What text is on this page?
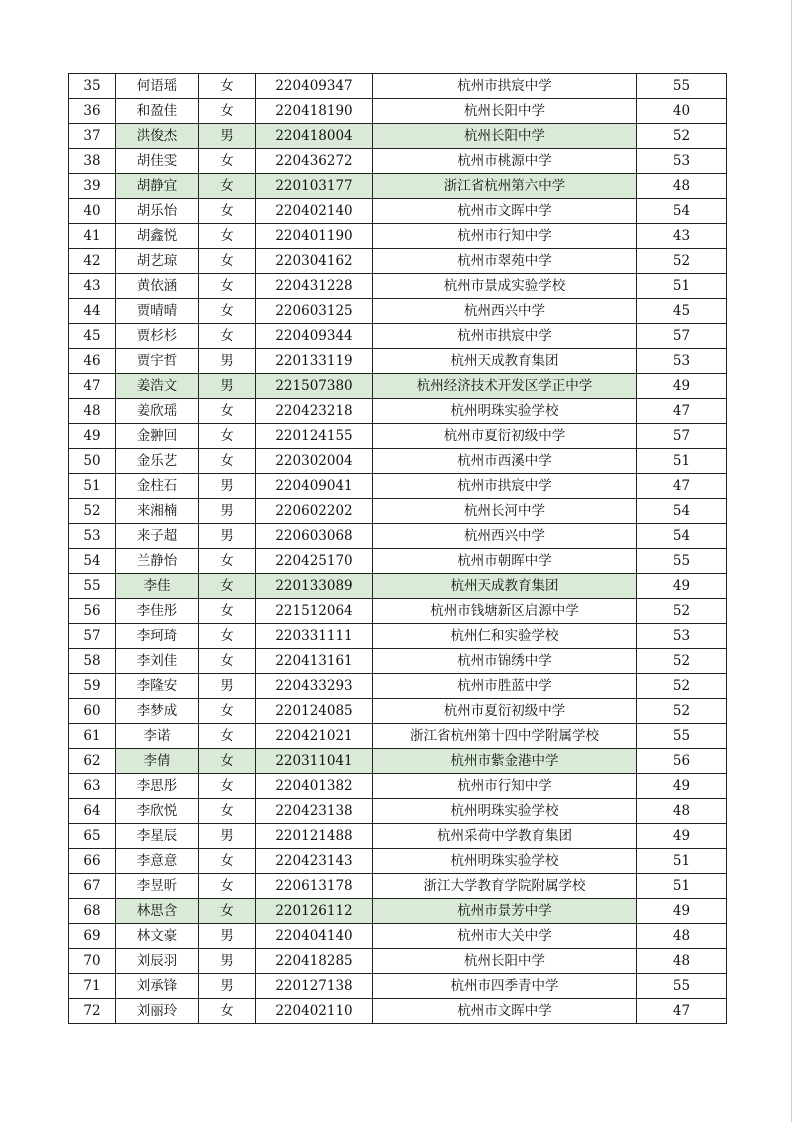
35	何语瑶	女	220409347	杭州市拱宸中学	55
36	和盈佳	女	220418190	杭州长阳中学	40
37	洪俊杰	男	220418004	杭州长阳中学	52
38	胡佳雯	女	220436272	杭州市桃源中学	53
39	胡静宜	女	220103177	浙江省杭州第六中学	48
40	胡乐怡	女	220402140	杭州市文晖中学	54
41	胡鑫悦	女	220401190	杭州市行知中学	43
42	胡艺琼	女	220304162	杭州市翠苑中学	52
43	黄依涵	女	220431228	杭州市景成实验学校	51
44	贾晴晴	女	220603125	杭州西兴中学	45
45	贾杉杉	女	220409344	杭州市拱宸中学	57
46	贾宇哲	男	220133119	杭州天成教育集团	53
47	姜浩文	男	221507380	杭州经济技术开发区学正中学	49
48	姜欣瑶	女	220423218	杭州明珠实验学校	47
49	金翀回	女	220124155	杭州市夏衍初级中学	57
50	金乐艺	女	220302004	杭州市西溪中学	51
51	金柱石	男	220409041	杭州市拱宸中学	47
52	来湘楠	男	220602202	杭州长河中学	54
53	来子超	男	220603068	杭州西兴中学	54
54	兰静怡	女	220425170	杭州市朝晖中学	55
55	李佳	女	220133089	杭州天成教育集团	49
56	李佳彤	女	221512064	杭州市钱塘新区启源中学	52
57	李珂琦	女	220331111	杭州仁和实验学校	53
58	李刘佳	女	220413161	杭州市锦绣中学	52
59	李隆安	男	220433293	杭州市胜蓝中学	52
60	李梦成	女	220124085	杭州市夏衍初级中学	52
61	李诺	女	220421021	浙江省杭州第十四中学附属学校	55
62	李倩	女	220311041	杭州市紫金港中学	56
63	李思彤	女	220401382	杭州市行知中学	49
64	李欣悦	女	220423138	杭州明珠实验学校	48
65	李星辰	男	220121488	杭州采荷中学教育集团	49
66	李意意	女	220423143	杭州明珠实验学校	51
67	李昱昕	女	220613178	浙江大学教育学院附属学校	51
68	林思含	女	220126112	杭州市景芳中学	49
69	林文豪	男	220404140	杭州市大关中学	48
70	刘辰羽	男	220418285	杭州长阳中学	48
71	刘承锋	男	220127138	杭州市四季青中学	55
72	刘丽玲	女	220402110	杭州市文晖中学	47
